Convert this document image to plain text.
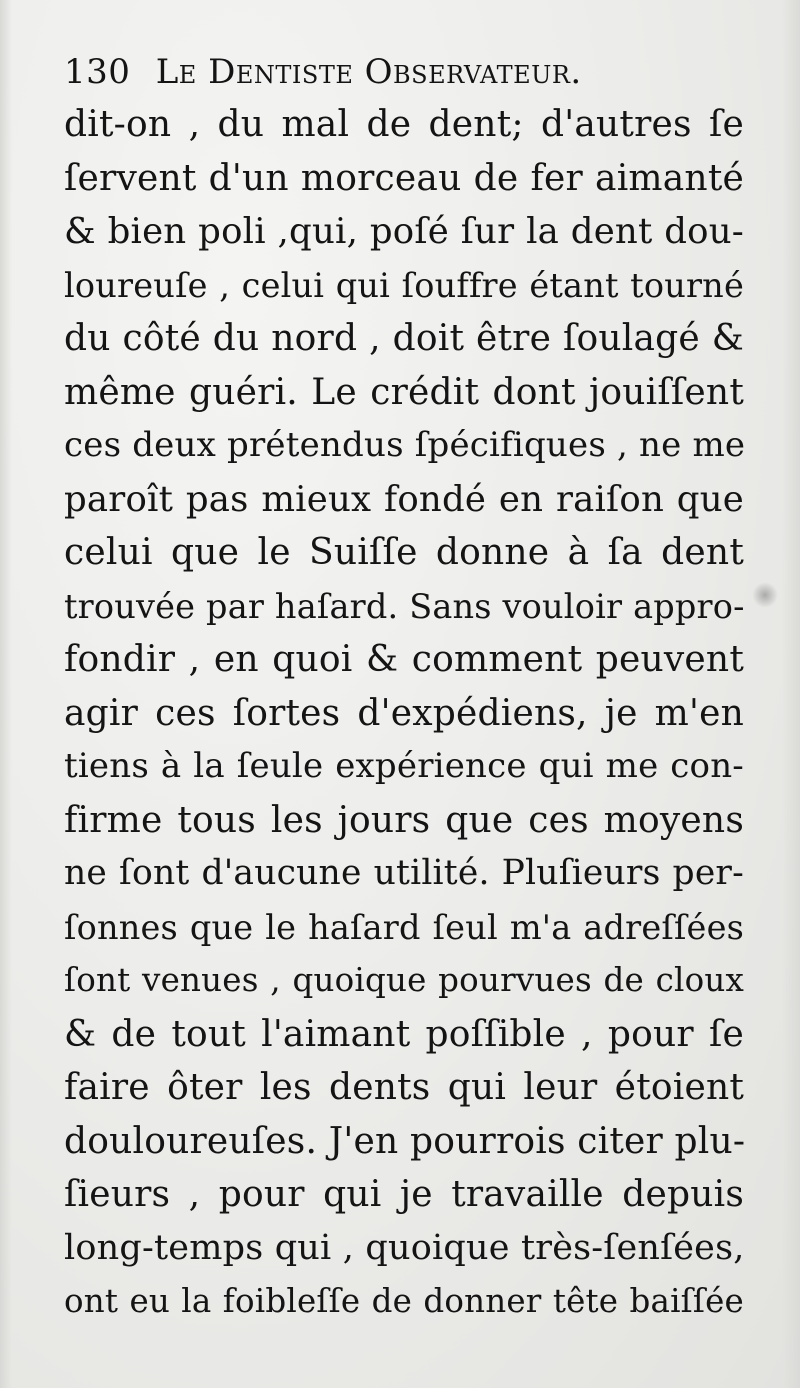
130 Le Dentiste Observateur.
dit-on , du mal de dent; d'autres ſe
ſervent d'un morceau de fer aimanté
& bien poli ,qui, poſé ſur la dent dou-
loureuſe , celui qui ſouffre étant tourné
du côté du nord , doit être ſoulagé &
même guéri. Le crédit dont jouiſſent
ces deux prétendus ſpécifiques , ne me
paroît pas mieux fondé en raiſon que
celui que le Suiſſe donne à ſa dent
trouvée par haſard. Sans vouloir appro-
fondir , en quoi & comment peuvent
agir ces ſortes d'expédiens, je m'en
tiens à la ſeule expérience qui me con-
firme tous les jours que ces moyens
ne ſont d'aucune utilité. Pluſieurs per-
ſonnes que le haſard ſeul m'a adreſſées
ſont venues , quoique pourvues de cloux
& de tout l'aimant poſſible , pour ſe
faire ôter les dents qui leur étoient
douloureuſes. J'en pourrois citer plu-
ſieurs , pour qui je travaille depuis
long-temps qui , quoique très-ſenſées,
ont eu la foibleſſe de donner tête baiſſée
